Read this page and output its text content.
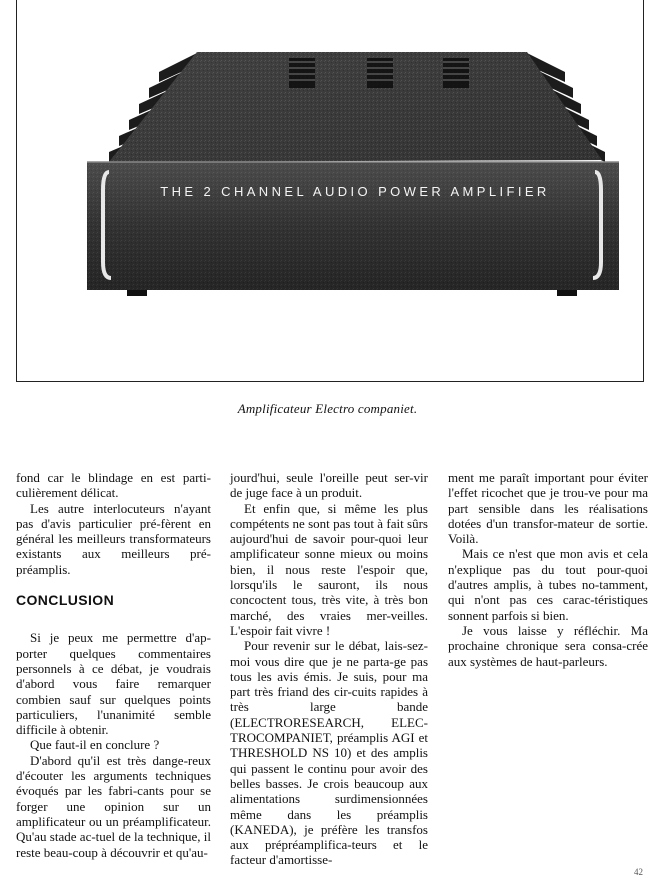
THE 2 CHANNEL AUDIO POWER AMPLIFIER
Amplificateur Electro companiet.

fond car le blindage en est parti-culièrement délicat.

Les autre interlocuteurs n'ayant pas d'avis particulier pré-fèrent en général les meilleurs transformateurs existants aux meilleurs pré-préamplis.

CONCLUSION

Si je peux me permettre d'ap-porter quelques commentaires personnels à ce débat, je voudrais d'abord vous faire remarquer combien sauf sur quelques points particuliers, l'unanimité semble difficile à obtenir.

Que faut-il en conclure ?

D'abord qu'il est très dange-reux d'écouter les arguments techniques évoqués par les fabri-cants pour se forger une opinion sur un amplificateur ou un préamplificateur. Qu'au stade ac-tuel de la technique, il reste beau-coup à découvrir et qu'au-

jourd'hui, seule l'oreille peut ser-vir de juge face à un produit.

Et enfin que, si même les plus compétents ne sont pas tout à fait sûrs aujourd'hui de savoir pour-quoi leur amplificateur sonne mieux ou moins bien, il nous reste l'espoir que, lorsqu'ils le sauront, ils nous concoctent tous, très vite, à très bon marché, des vraies mer-veilles. L'espoir fait vivre !

Pour revenir sur le débat, lais-sez-moi vous dire que je ne parta-ge pas tous les avis émis. Je suis, pour ma part très friand des cir-cuits rapides à très large bande (ELECTRORESEARCH, ELEC-TROCOMPANIET, préamplis AGI et THRESHOLD NS 10) et des amplis qui passent le continu pour avoir des belles basses. Je crois beaucoup aux alimentations surdimensionnées même dans les préamplis (KANEDA), je préfère les transfos aux prépréamplifica-teurs et le facteur d'amortisse-

ment me paraît important pour éviter l'effet ricochet que je trou-ve pour ma part sensible dans les réalisations dotées d'un transfor-mateur de sortie. Voilà.

Mais ce n'est que mon avis et cela n'explique pas du tout pour-quoi d'autres amplis, à tubes no-tamment, qui n'ont pas ces carac-téristiques sonnent parfois si bien.

Je vous laisse y réfléchir. Ma prochaine chronique sera consa-crée aux systèmes de haut-parleurs.

42
